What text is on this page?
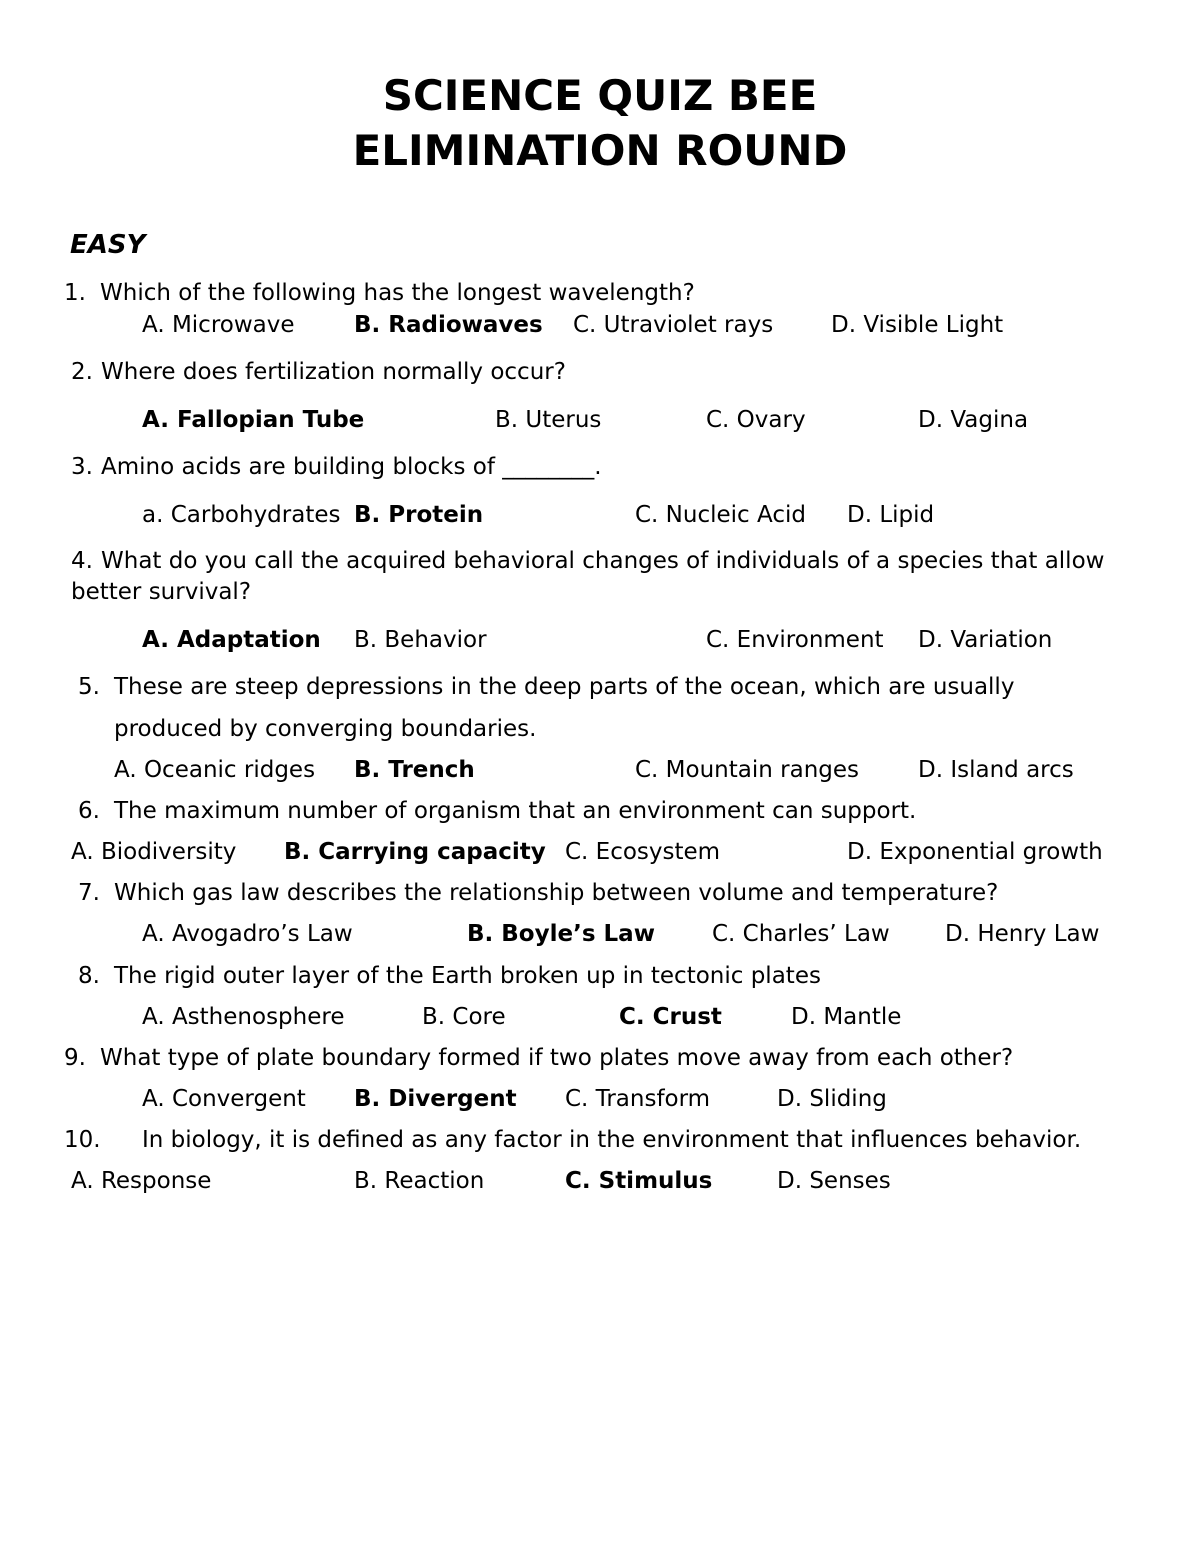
SCIENCE QUIZ BEE
ELIMINATION ROUND
EASY
1. Which of the following has the longest wavelength?
A. Microwave	B. Radiowaves C. Utraviolet rays	D. Visible Light
2. Where does fertilization normally occur?
A. Fallopian Tube	B. Uterus	C. Ovary	D. Vagina
3. Amino acids are building blocks of ________.
a. Carbohydrates B. Protein	C. Nucleic Acid D. Lipid
4. What do you call the acquired behavioral changes of individuals of a species that allow
better survival?
A. Adaptation B. Behavior	C. Environment D. Variation
5. These are steep depressions in the deep parts of the ocean, which are usually
produced by converging boundaries.
A. Oceanic ridges B. Trench	C. Mountain ranges	D. Island arcs
6. The maximum number of organism that an environment can support.
A. Biodiversity B. Carrying capacity C. Ecosystem	D. Exponential growth
7. Which gas law describes the relationship between volume and temperature?
A. Avogadro’s Law	B. Boyle’s Law C. Charles’ Law D. Henry Law
8. The rigid outer layer of the Earth broken up in tectonic plates
A. Asthenosphere	B. Core	C. Crust	D. Mantle
9. What type of plate boundary formed if two plates move away from each other?
A. Convergent B. Divergent C. Transform	D. Sliding
10. In biology, it is defined as any factor in the environment that influences behavior.
A. Response	B. Reaction	C. Stimulus	D. Senses
